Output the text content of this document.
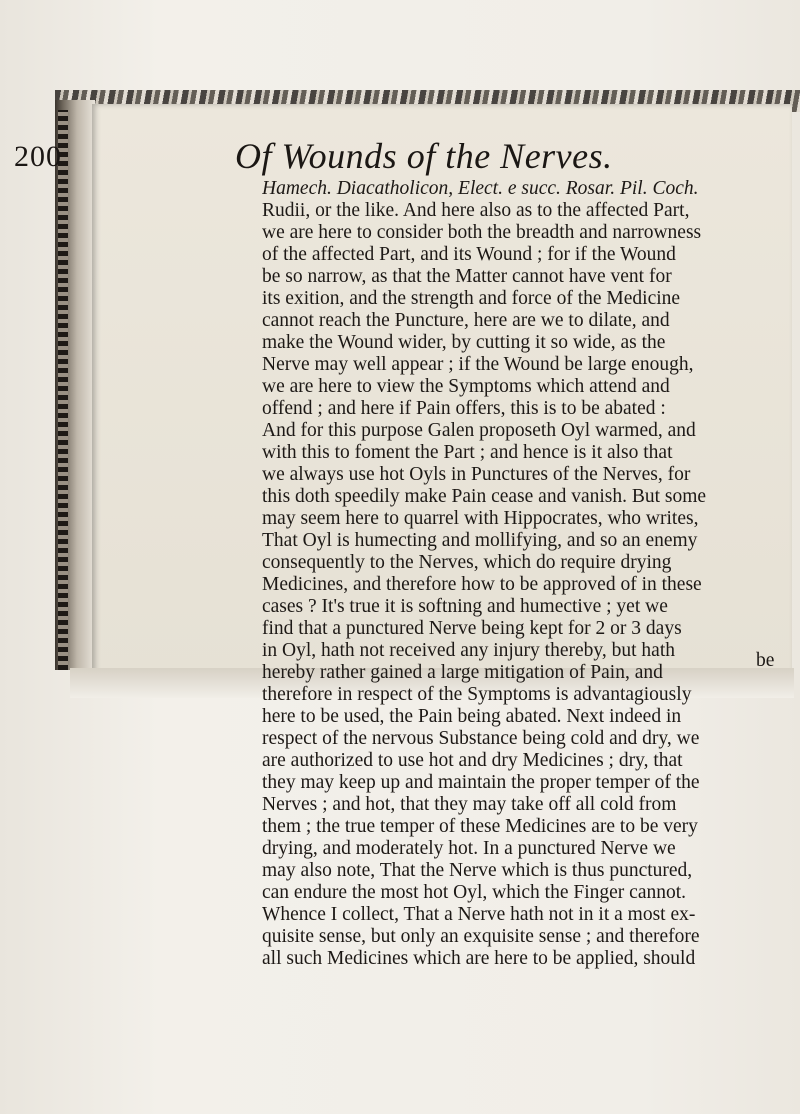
200	Of Wounds of the Nerves.
Hamech. Diacatholicon, Elect. e succ. Rosar. Pil. Coch.
Rudii, or the like. And here also as to the affected Part,
we are here to consider both the breadth and narrowness
of the affected Part, and its Wound ; for if the Wound
be so narrow, as that the Matter cannot have vent for
its exition, and the strength and force of the Medicine
cannot reach the Puncture, here are we to dilate, and
make the Wound wider, by cutting it so wide, as the
Nerve may well appear ; if the Wound be large enough,
we are here to view the Symptoms which attend and
offend ; and here if Pain offers, this is to be abated :
And for this purpose Galen proposeth Oyl warmed, and
with this to foment the Part ; and hence is it also that
we always use hot Oyls in Punctures of the Nerves, for
this doth speedily make Pain cease and vanish. But some
may seem here to quarrel with Hippocrates, who writes,
That Oyl is humecting and mollifying, and so an enemy
consequently to the Nerves, which do require drying
Medicines, and therefore how to be approved of in these
cases ? It's true it is softning and humective ; yet we
find that a punctured Nerve being kept for 2 or 3 days
in Oyl, hath not received any injury thereby, but hath
hereby rather gained a large mitigation of Pain, and
therefore in respect of the Symptoms is advantagiously
here to be used, the Pain being abated. Next indeed in
respect of the nervous Substance being cold and dry, we
are authorized to use hot and dry Medicines ; dry, that
they may keep up and maintain the proper temper of the
Nerves ; and hot, that they may take off all cold from
them ; the true temper of these Medicines are to be very
drying, and moderately hot. In a punctured Nerve we
may also note, That the Nerve which is thus punctured,
can endure the most hot Oyl, which the Finger cannot.
Whence I collect, That a Nerve hath not in it a most ex-
quisite sense, but only an exquisite sense ; and therefore
all such Medicines which are here to be applied, should
be
